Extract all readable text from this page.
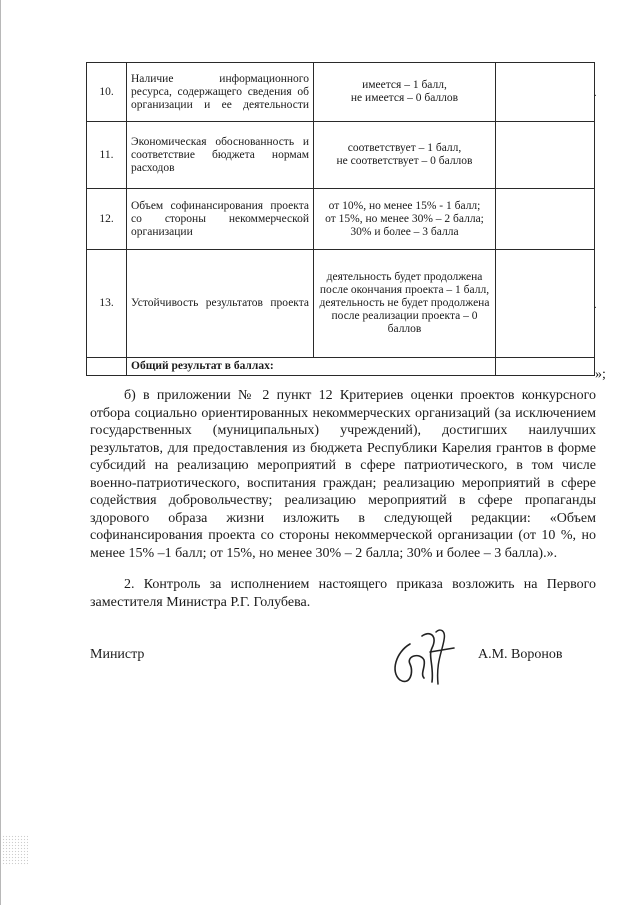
10.	Наличие информационного ресурса, содержащего сведения об организации и ее деятельности	имеется – 1 балл,
не имеется – 0 баллов	·

11.	Экономическая обоснованность и соответствие бюджета нормам расходов	соответствует – 1 балл,
не соответствует – 0 баллов	

12.	Объем софинансирования проекта со стороны некоммерческой организации	от 10%, но менее 15% - 1 балл;
от 15%, но менее 30% – 2 балла;
30% и более – 3 балла	

13.	Устойчивость результатов проекта	деятельность будет продолжена после окончания проекта – 1 балл,
деятельность не будет продолжена после реализации проекта – 0 баллов	·

	Общий результат в баллах:		
»;

б) в приложении № 2 пункт 12 Критериев оценки проектов конкурсного отбора социально ориентированных некоммерческих организаций (за исключением государственных (муниципальных) учреждений), достигших наилучших результатов, для предоставления из бюджета Республики Карелия грантов в форме субсидий на реализацию мероприятий в сфере патриотического, в том числе военно-патриотического, воспитания граждан; реализацию мероприятий в сфере содействия добровольчеству; реализацию мероприятий в сфере пропаганды здорового образа жизни изложить в следующей редакции: «Объем софинансирования проекта со стороны некоммерческой организации (от 10 %, но менее 15% –1 балл; от 15%, но менее 30% – 2 балла; 30% и более – 3 балла).».

2. Контроль за исполнением настоящего приказа возложить на Первого заместителя Министра Р.Г. Голубева.

Министр	А.М. Воронов
